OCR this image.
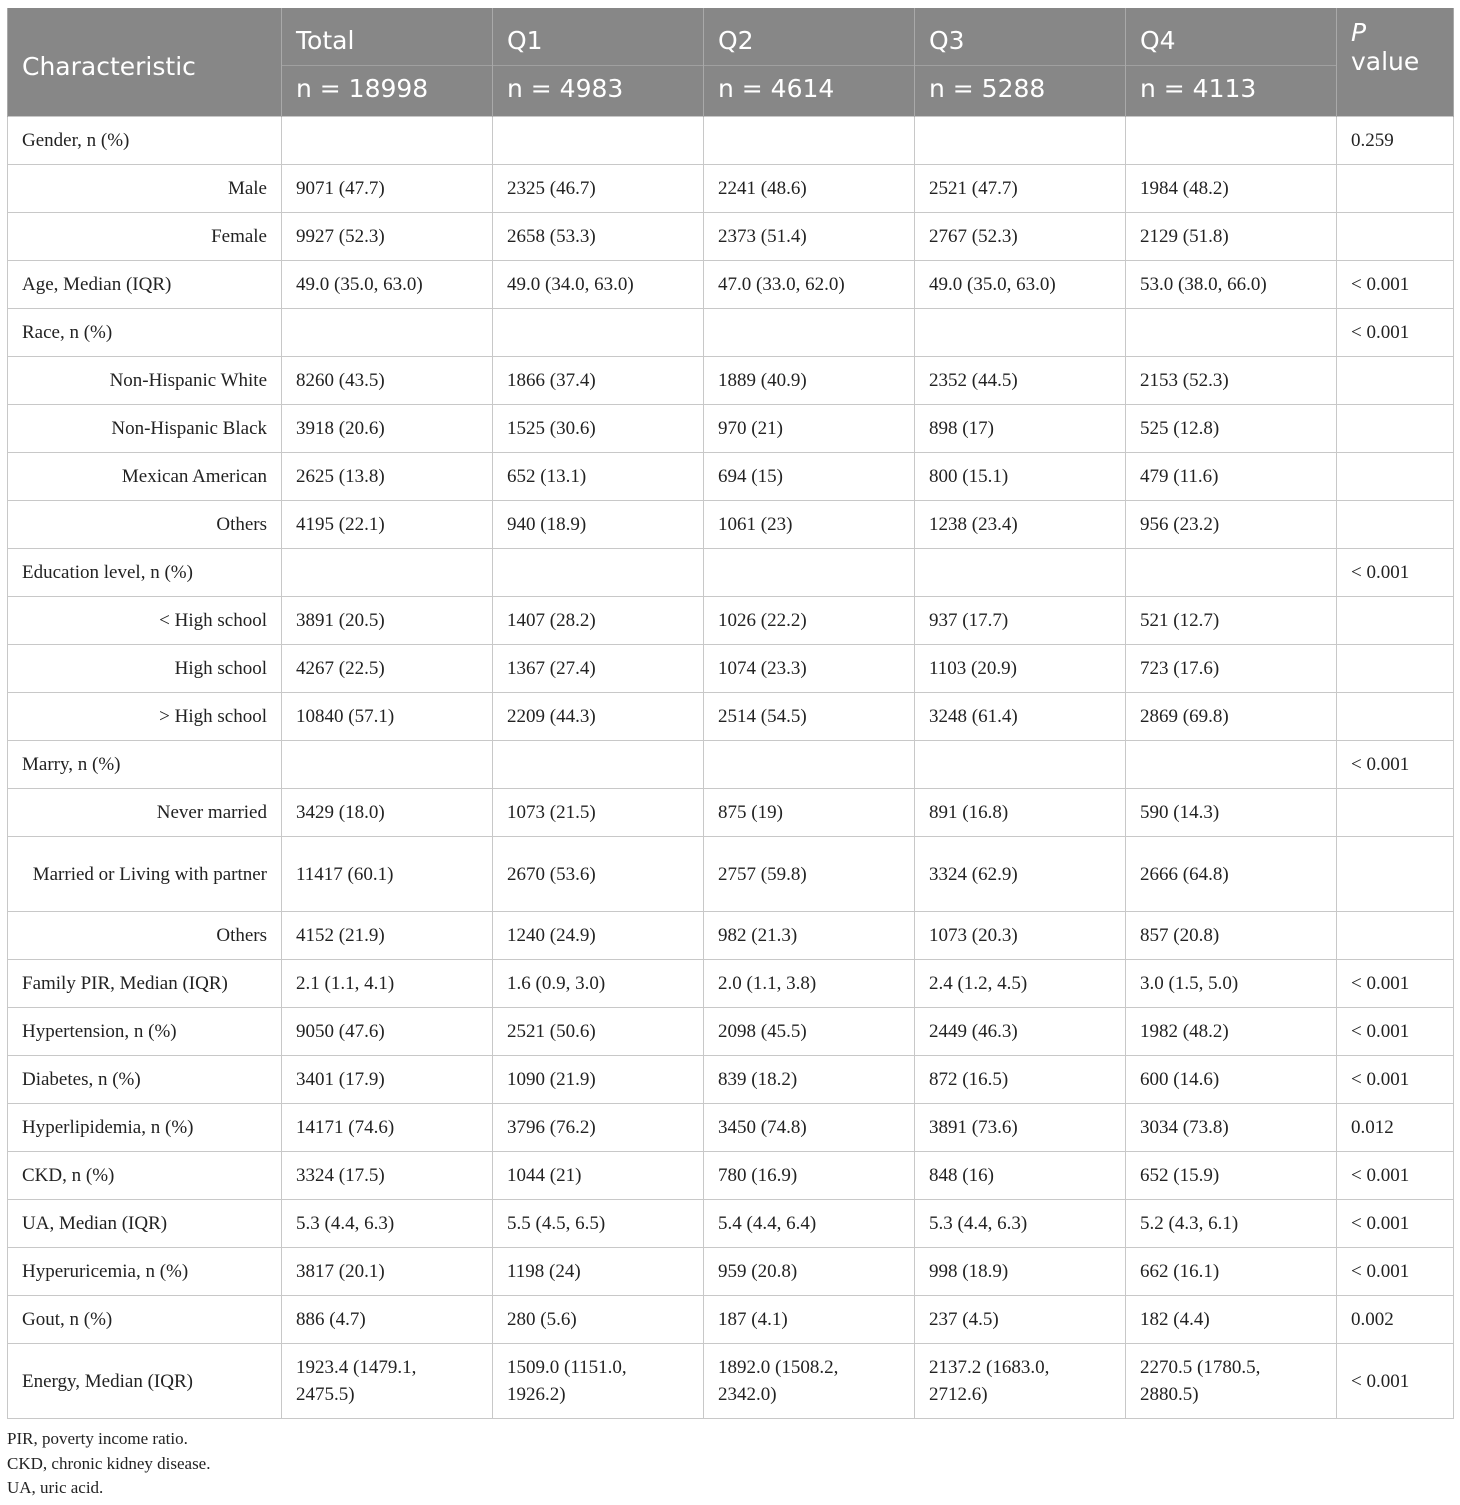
Characteristic	Total	Q1	Q2	Q3	Q4	P value
	n = 18998	n = 4983	n = 4614	n = 5288	n = 4113	
Gender, n (%)						0.259
Male	9071 (47.7)	2325 (46.7)	2241 (48.6)	2521 (47.7)	1984 (48.2)	
Female	9927 (52.3)	2658 (53.3)	2373 (51.4)	2767 (52.3)	2129 (51.8)	
Age, Median (IQR)	49.0 (35.0, 63.0)	49.0 (34.0, 63.0)	47.0 (33.0, 62.0)	49.0 (35.0, 63.0)	53.0 (38.0, 66.0)	< 0.001
Race, n (%)						< 0.001
Non-Hispanic White	8260 (43.5)	1866 (37.4)	1889 (40.9)	2352 (44.5)	2153 (52.3)	
Non-Hispanic Black	3918 (20.6)	1525 (30.6)	970 (21)	898 (17)	525 (12.8)	
Mexican American	2625 (13.8)	652 (13.1)	694 (15)	800 (15.1)	479 (11.6)	
Others	4195 (22.1)	940 (18.9)	1061 (23)	1238 (23.4)	956 (23.2)	
Education level, n (%)						< 0.001
< High school	3891 (20.5)	1407 (28.2)	1026 (22.2)	937 (17.7)	521 (12.7)	
High school	4267 (22.5)	1367 (27.4)	1074 (23.3)	1103 (20.9)	723 (17.6)	
> High school	10840 (57.1)	2209 (44.3)	2514 (54.5)	3248 (61.4)	2869 (69.8)	
Marry, n (%)						< 0.001
Never married	3429 (18.0)	1073 (21.5)	875 (19)	891 (16.8)	590 (14.3)	
Married or Living with partner	11417 (60.1)	2670 (53.6)	2757 (59.8)	3324 (62.9)	2666 (64.8)	
Others	4152 (21.9)	1240 (24.9)	982 (21.3)	1073 (20.3)	857 (20.8)	
Family PIR, Median (IQR)	2.1 (1.1, 4.1)	1.6 (0.9, 3.0)	2.0 (1.1, 3.8)	2.4 (1.2, 4.5)	3.0 (1.5, 5.0)	< 0.001
Hypertension, n (%)	9050 (47.6)	2521 (50.6)	2098 (45.5)	2449 (46.3)	1982 (48.2)	< 0.001
Diabetes, n (%)	3401 (17.9)	1090 (21.9)	839 (18.2)	872 (16.5)	600 (14.6)	< 0.001
Hyperlipidemia, n (%)	14171 (74.6)	3796 (76.2)	3450 (74.8)	3891 (73.6)	3034 (73.8)	0.012
CKD, n (%)	3324 (17.5)	1044 (21)	780 (16.9)	848 (16)	652 (15.9)	< 0.001
UA, Median (IQR)	5.3 (4.4, 6.3)	5.5 (4.5, 6.5)	5.4 (4.4, 6.4)	5.3 (4.4, 6.3)	5.2 (4.3, 6.1)	< 0.001
Hyperuricemia, n (%)	3817 (20.1)	1198 (24)	959 (20.8)	998 (18.9)	662 (16.1)	< 0.001
Gout, n (%)	886 (4.7)	280 (5.6)	187 (4.1)	237 (4.5)	182 (4.4)	0.002
Energy, Median (IQR)	1923.4 (1479.1, 2475.5)	1509.0 (1151.0, 1926.2)	1892.0 (1508.2, 2342.0)	2137.2 (1683.0, 2712.6)	2270.5 (1780.5, 2880.5)	< 0.001
PIR, poverty income ratio.
CKD, chronic kidney disease.
UA, uric acid.
